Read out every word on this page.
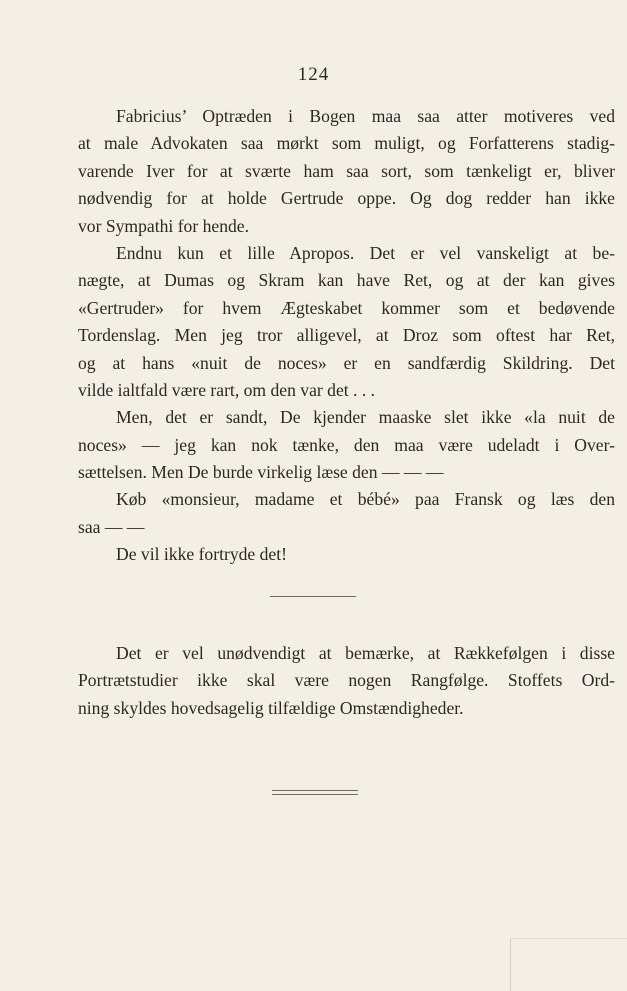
124

Fabricius’ Optræden i Bogen maa saa atter motiveres ved
at male Advokaten saa mørkt som muligt, og Forfatterens stadig-
varende Iver for at sværte ham saa sort, som tænkeligt er, bliver
nødvendig for at holde Gertrude oppe. Og dog redder han ikke
vor Sympathi for hende.

Endnu kun et lille Apropos. Det er vel vanskeligt at be-
nægte, at Dumas og Skram kan have Ret, og at der kan gives
«Gertruder» for hvem Ægteskabet kommer som et bedøvende
Tordenslag. Men jeg tror alligevel, at Droz som oftest har Ret,
og at hans «nuit de noces» er en sandfærdig Skildring. Det
vilde ialtfald være rart, om den var det . . .

Men, det er sandt, De kjender maaske slet ikke «la nuit de
noces» — jeg kan nok tænke, den maa være udeladt i Over-
sættelsen. Men De burde virkelig læse den — — —

Køb «monsieur, madame et bébé» paa Fransk og læs den
saa — —

De vil ikke fortryde det!

Det er vel unødvendigt at bemærke, at Rækkefølgen i disse
Portrætstudier ikke skal være nogen Rangfølge. Stoffets Ord-
ning skyldes hovedsagelig tilfældige Omstændigheder.
